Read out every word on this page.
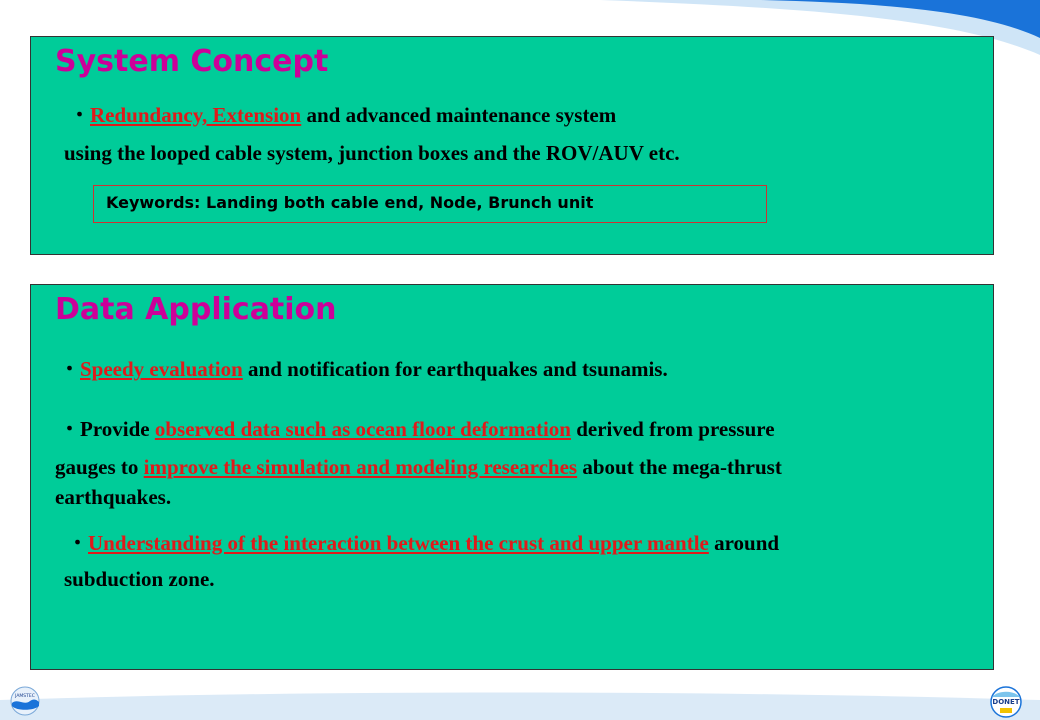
System Concept

・Redundancy, Extension and advanced maintenance system

using the looped cable system, junction boxes and the ROV/AUV etc.

Keywords: Landing both cable end, Node, Brunch unit
Data Application

・Speedy evaluation and notification for earthquakes and tsunamis.

・Provide observed data such as ocean floor deformation derived from pressure

gauges to improve the simulation and modeling researches about the mega-thrust

earthquakes.

・Understanding of the interaction between the crust and upper mantle around

subduction zone.

JAMSTEC
DONET
